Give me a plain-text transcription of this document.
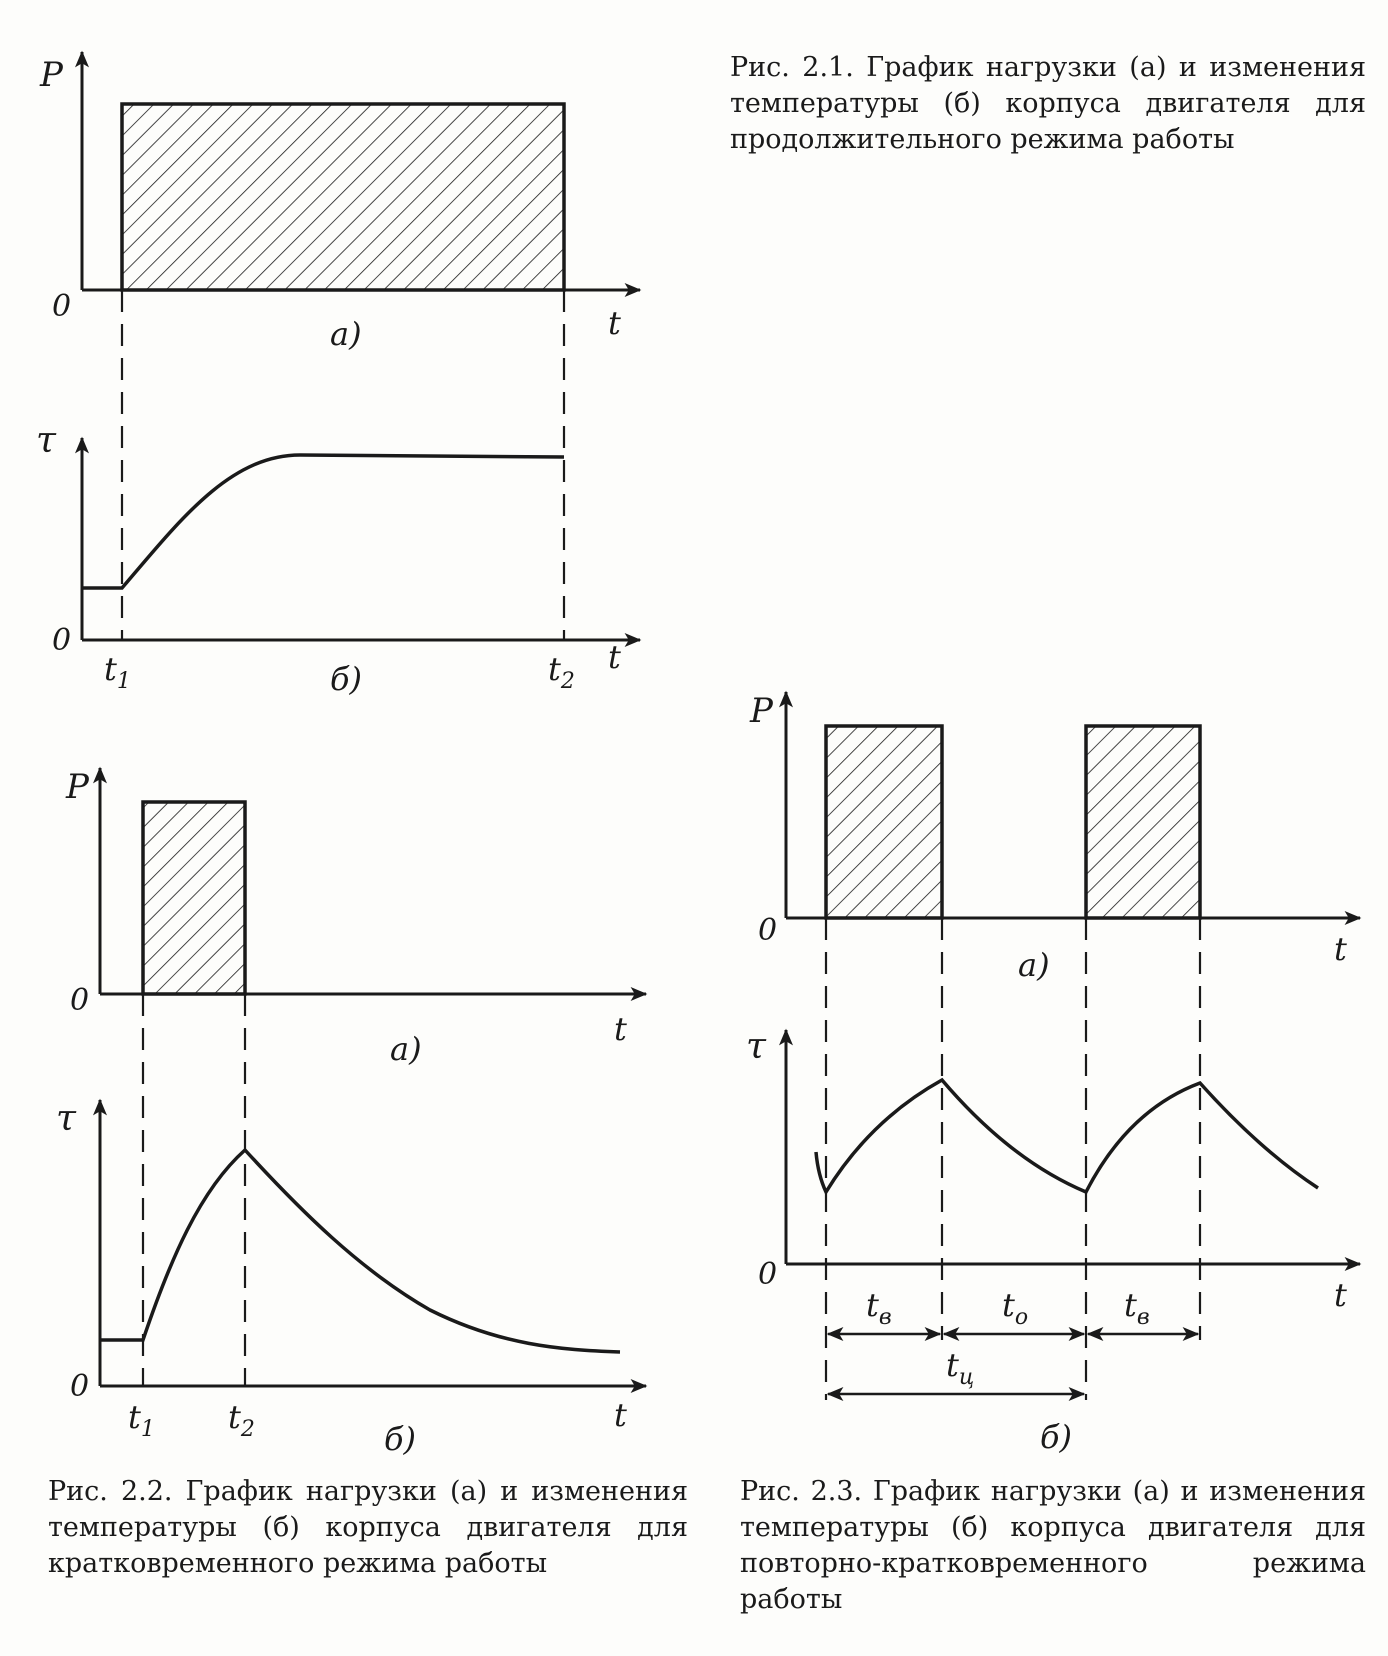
P
0	t
а)
τ
0	t
б)
$t_1$	$t_2$
P
0
t
а)
τ
0
t
б)
$t_1$ $t_2$
P
0	t
а)
τ
0
t
$t_в$	$t_о$	$t_в$
$t_ц$
б)

Рис. 2.1. График нагрузки (а) и изменения температуры (б) корпуса двигателя для продолжительного режима работы

Рис. 2.2. График нагрузки (а) и изменения температуры (б) корпуса двигателя для кратковременного режима работы

Рис. 2.3. График нагрузки (а) и изменения температуры (б) корпуса двигателя для повторно-кратковременного режима работы
